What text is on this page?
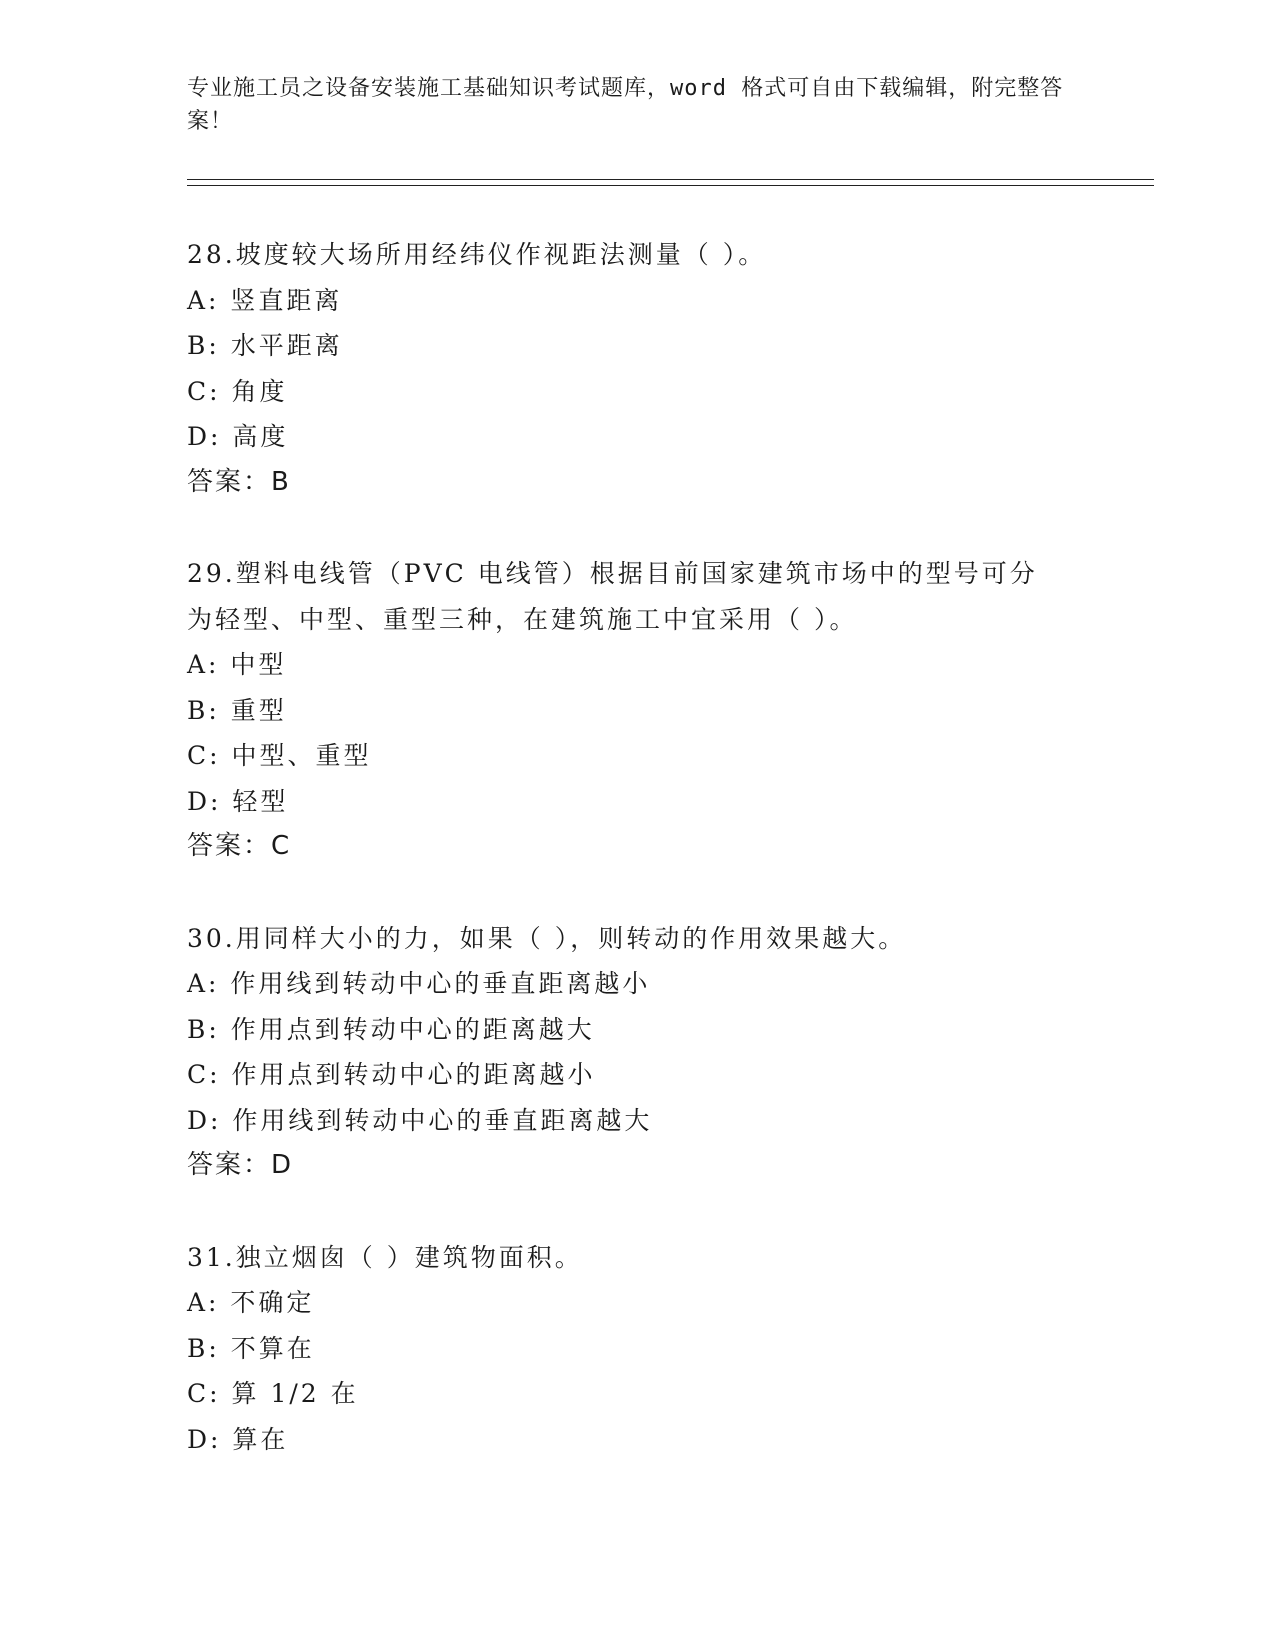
专业施工员之设备安装施工基础知识考试题库，word 格式可自由下载编辑，附完整答案！
28.坡度较大场所用经纬仪作视距法测量（ ）。
A: 竖直距离
B: 水平距离
C: 角度
D: 高度
答案：B
29.塑料电线管（PVC 电线管）根据目前国家建筑市场中的型号可分为轻型、中型、重型三种，在建筑施工中宜采用（ ）。
A: 中型
B: 重型
C: 中型、重型
D: 轻型
答案：C
30.用同样大小的力，如果（ ），则转动的作用效果越大。
A: 作用线到转动中心的垂直距离越小
B: 作用点到转动中心的距离越大
C: 作用点到转动中心的距离越小
D: 作用线到转动中心的垂直距离越大
答案：D
31.独立烟囱（ ）建筑物面积。
A: 不确定
B: 不算在
C: 算 1/2 在
D: 算在
